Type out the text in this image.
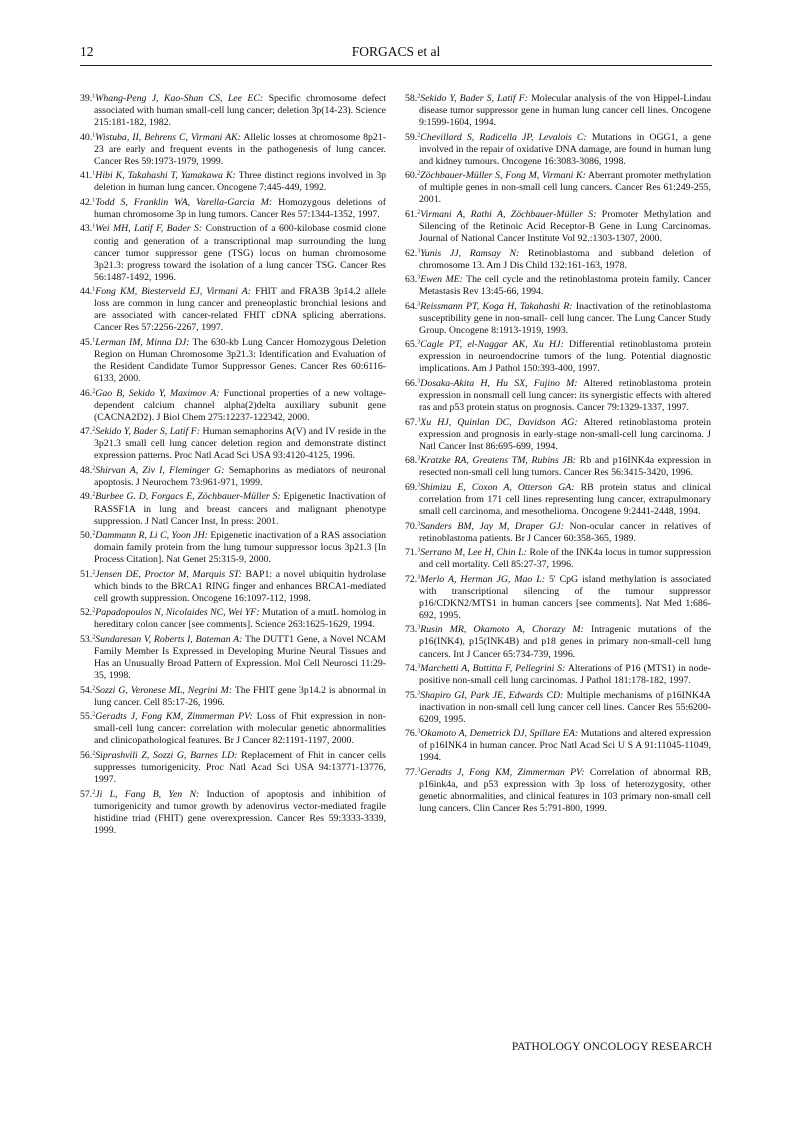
12	FORGACS et al
39.$^1$Whang-Peng J, Kao-Shan CS, Lee EC: Specific chromosome defect associated with human small-cell lung cancer; deletion 3p(14-23). Science 215:181-182, 1982.
40.$^1$Wistuba, II, Behrens C, Virmani AK: Allelic losses at chromosome 8p21-23 are early and frequent events in the pathogenesis of lung cancer. Cancer Res 59:1973-1979, 1999.
41.$^1$Hibi K, Takahashi T, Yamakawa K: Three distinct regions involved in 3p deletion in human lung cancer. Oncogene 7:445-449, 1992.
42.$^1$Todd S, Franklin WA, Varella-Garcia M: Homozygous deletions of human chromosome 3p in lung tumors. Cancer Res 57:1344-1352, 1997.
43.$^1$Wei MH, Latif F, Bader S: Construction of a 600-kilobase cosmid clone contig and generation of a transcriptional map surrounding the lung cancer tumor suppressor gene (TSG) locus on human chromosome 3p21.3: progress toward the isolation of a lung cancer TSG. Cancer Res 56:1487-1492, 1996.
44.$^1$Fong KM, Biesterveld EJ, Virmani A: FHIT and FRA3B 3p14.2 allele loss are common in lung cancer and preneoplastic bronchial lesions and are associated with cancer-related FHIT cDNA splicing aberrations. Cancer Res 57:2256-2267, 1997.
45.$^1$Lerman IM, Minna DJ: The 630-kb Lung Cancer Homozygous Deletion Region on Human Chromosome 3p21.3: Identification and Evaluation of the Resident Candidate Tumor Suppressor Genes. Cancer Res 60:6116-6133, 2000.
46.$^2$Gao B, Sekido Y, Maximov A: Functional properties of a new voltage-dependent calcium channel alpha(2)delta auxiliary subunit gene (CACNA2D2). J Biol Chem 275:12237-122342, 2000.
47.$^2$Sekido Y, Bader S, Latif F: Human semaphorins A(V) and IV reside in the 3p21.3 small cell lung cancer deletion region and demonstrate distinct expression patterns. Proc Natl Acad Sci USA 93:4120-4125, 1996.
48.$^2$Shirvan A, Ziv I, Fleminger G: Semaphorins as mediators of neuronal apoptosis. J Neurochem 73:961-971, 1999.
49.$^2$Burbee G. D, Forgacs E, Zöchbauer-Müller S: Epigenetic Inactivation of RASSF1A in lung and breast cancers and malignant phenotype suppression. J Natl Cancer Inst, In press: 2001.
50.$^2$Dammann R, Li C, Yoon JH: Epigenetic inactivation of a RAS association domain family protein from the lung tumour suppressor locus 3p21.3 [In Process Citation]. Nat Genet 25:315-9, 2000.
51.$^2$Jensen DE, Proctor M, Marquis ST: BAP1: a novel ubiquitin hydrolase which binds to the BRCA1 RING finger and enhances BRCA1-mediated cell growth suppression. Oncogene 16:1097-112, 1998.
52.$^2$Papadopoulos N, Nicolaides NC, Wei YF: Mutation of a mutL homolog in hereditary colon cancer [see comments]. Science 263:1625-1629, 1994.
53.$^2$Sundaresan V, Roberts I, Bateman A: The DUTT1 Gene, a Novel NCAM Family Member Is Expressed in Developing Murine Neural Tissues and Has an Unusually Broad Pattern of Expression. Mol Cell Neurosci 11:29-35, 1998.
54.$^2$Sozzi G, Veronese ML, Negrini M: The FHIT gene 3p14.2 is abnormal in lung cancer. Cell 85:17-26, 1996.
55.$^2$Geradts J, Fong KM, Zimmerman PV: Loss of Fhit expression in non-small-cell lung cancer: correlation with molecular genetic abnormalities and clinicopathological features. Br J Cancer 82:1191-1197, 2000.
56.$^2$Siprashvili Z, Sozzi G, Barnes LD: Replacement of Fhit in cancer cells suppresses tumorigenicity. Proc Natl Acad Sci USA 94:13771-13776, 1997.
57.$^2$Ji L, Fang B, Yen N: Induction of apoptosis and inhibition of tumorigenicity and tumor growth by adenovirus vector-mediated fragile histidine triad (FHIT) gene overexpression. Cancer Res 59:3333-3339, 1999.
58.$^2$Sekido Y, Bader S, Latif F: Molecular analysis of the von Hippel-Lindau disease tumor suppressor gene in human lung cancer cell lines. Oncogene 9:1599-1604, 1994.
59.$^2$Chevillard S, Radicella JP, Levalois C: Mutations in OGG1, a gene involved in the repair of oxidative DNA damage, are found in human lung and kidney tumours. Oncogene 16:3083-3086, 1998.
60.$^2$Zöchbauer-Müller S, Fong M, Virmani K: Aberrant promoter methylation of multiple genes in non-small cell lung cancers. Cancer Res 61:249-255, 2001.
61.$^2$Virmani A, Rathi A, Zöchbauer-Müller S: Promoter Methylation and Silencing of the Retinoic Acid Receptor-B Gene in Lung Carcinomas. Journal of National Cancer Institute Vol 92.:1303-1307, 2000.
62.$^3$Yunis JJ, Ramsay N: Retinoblastoma and subband deletion of chromosome 13. Am J Dis Child 132:161-163, 1978.
63.$^3$Ewen ME: The cell cycle and the retinoblastoma protein family. Cancer Metastasis Rev 13:45-66, 1994.
64.$^3$Reissmann PT, Koga H, Takahashi R: Inactivation of the retinoblastoma susceptibility gene in non-small- cell lung cancer. The Lung Cancer Study Group. Oncogene 8:1913-1919, 1993.
65.$^3$Cagle PT, el-Naggar AK, Xu HJ: Differential retinoblastoma protein expression in neuroendocrine tumors of the lung. Potential diagnostic implications. Am J Pathol 150:393-400, 1997.
66.$^3$Dosaka-Akita H, Hu SX, Fujino M: Altered retinoblastoma protein expression in nonsmall cell lung cancer: its synergistic effects with altered ras and p53 protein status on prognosis. Cancer 79:1329-1337, 1997.
67.$^3$Xu HJ, Quinlan DC, Davidson AG: Altered retinoblastoma protein expression and prognosis in early-stage non-small-cell lung carcinoma. J Natl Cancer Inst 86:695-699, 1994.
68.$^3$Kratzke RA, Greatens TM, Rubins JB: Rb and p16INK4a expression in resected non-small cell lung tumors. Cancer Res 56:3415-3420, 1996.
69.$^3$Shimizu E, Coxon A, Otterson GA: RB protein status and clinical correlation from 171 cell lines representing lung cancer, extrapulmonary small cell carcinoma, and mesothelioma. Oncogene 9:2441-2448, 1994.
70.$^3$Sanders BM, Jay M, Draper GJ: Non-ocular cancer in relatives of retinoblastoma patients. Br J Cancer 60:358-365, 1989.
71.$^3$Serrano M, Lee H, Chin L: Role of the INK4a locus in tumor suppression and cell mortality. Cell 85:27-37, 1996.
72.$^3$Merlo A, Herman JG, Mao L: 5' CpG island methylation is associated with transcriptional silencing of the tumour suppressor p16/CDKN2/MTS1 in human cancers [see comments]. Nat Med 1:686-692, 1995.
73.$^3$Rusin MR, Okamoto A, Chorazy M: Intragenic mutations of the p16(INK4), p15(INK4B) and p18 genes in primary non-small-cell lung cancers. Int J Cancer 65:734-739, 1996.
74.$^3$Marchetti A, Buttitta F, Pellegrini S: Alterations of P16 (MTS1) in node-positive non-small cell lung carcinomas. J Pathol 181:178-182, 1997.
75.$^3$Shapiro GI, Park JE, Edwards CD: Multiple mechanisms of p16INK4A inactivation in non-small cell lung cancer cell lines. Cancer Res 55:6200-6209, 1995.
76.$^3$Okamoto A, Demetrick DJ, Spillare EA: Mutations and altered expression of p16INK4 in human cancer. Proc Natl Acad Sci U S A 91:11045-11049, 1994.
77.$^3$Geradts J, Fong KM, Zimmerman PV: Correlation of abnormal RB, p16ink4a, and p53 expression with 3p loss of heterozygosity, other genetic abnormalities, and clinical features in 103 primary non-small cell lung cancers. Clin Cancer Res 5:791-800, 1999.
PATHOLOGY ONCOLOGY RESEARCH
